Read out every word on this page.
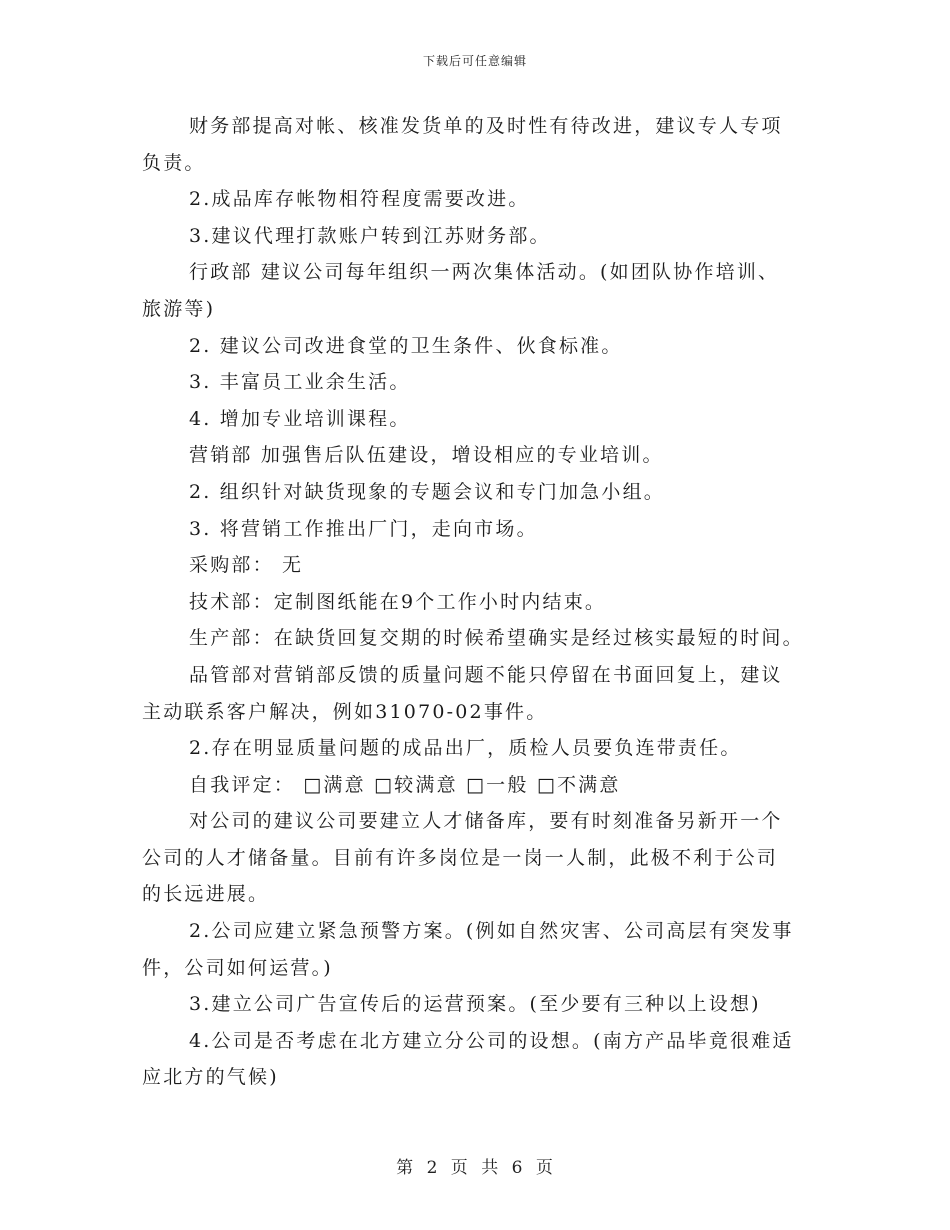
下载后可任意编辑
财务部提高对帐、核准发货单的及时性有待改进，建议专人专项
负责。
2.成品库存帐物相符程度需要改进。
3.建议代理打款账户转到江苏财务部。
行政部 建议公司每年组织一两次集体活动。(如团队协作培训、
旅游等)
2. 建议公司改进食堂的卫生条件、伙食标准。
3. 丰富员工业余生活。
4. 增加专业培训课程。
营销部 加强售后队伍建设，增设相应的专业培训。
2. 组织针对缺货现象的专题会议和专门加急小组。
3. 将营销工作推出厂门，走向市场。
采购部： 无
技术部：定制图纸能在9个工作小时内结束。
生产部：在缺货回复交期的时候希望确实是经过核实最短的时间。
品管部对营销部反馈的质量问题不能只停留在书面回复上，建议
主动联系客户解决，例如31070-02事件。
2.存在明显质量问题的成品出厂，质检人员要负连带责任。
自我评定： □满意 □较满意 □一般 □不满意
对公司的建议公司要建立人才储备库，要有时刻准备另新开一个
公司的人才储备量。目前有许多岗位是一岗一人制，此极不利于公司
的长远进展。
2.公司应建立紧急预警方案。(例如自然灾害、公司高层有突发事
件，公司如何运营。)
3.建立公司广告宣传后的运营预案。(至少要有三种以上设想)
4.公司是否考虑在北方建立分公司的设想。(南方产品毕竟很难适
应北方的气候)
第 2 页 共 6 页
